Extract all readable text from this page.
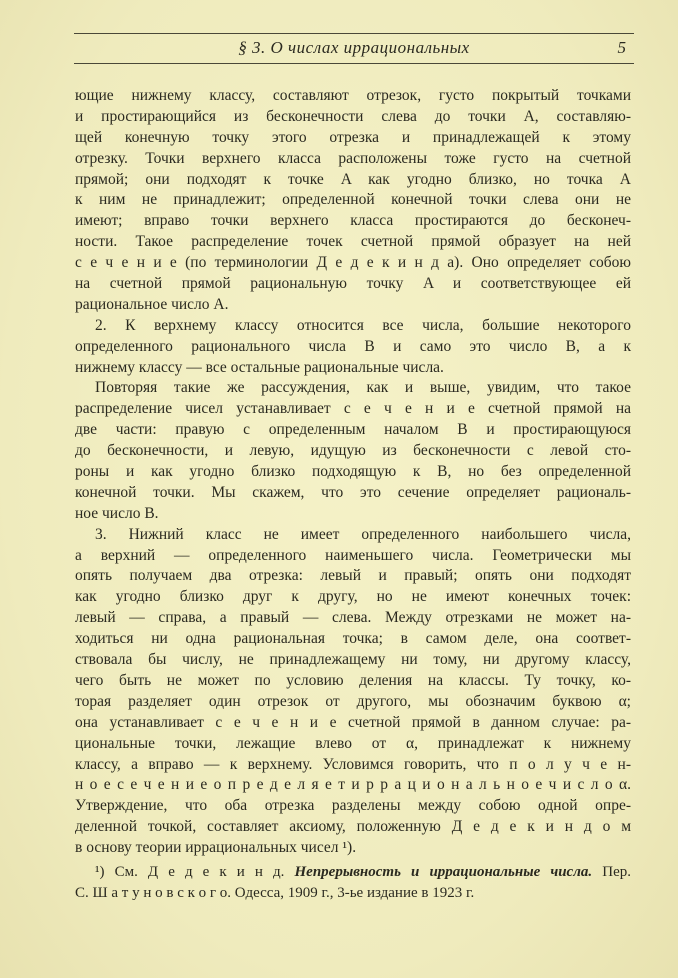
§ 3. О числах иррациональных	5
ющие нижнему классу, составляют отрезок, густо покрытый точками
и простирающийся из бесконечности слева до точки A, составляю-
щей конечную точку этого отрезка и принадлежащей к этому
отрезку. Точки верхнего класса расположены тоже густо на счетной
прямой; они подходят к точке A как угодно близко, но точка A
к ним не принадлежит; определенной конечной точки слева они не
имеют; вправо точки верхнего класса простираются до бесконеч-
ности. Такое распределение точек счетной прямой образует на ней
с е ч е н и е (по терминологии Д е д е к и н д а). Оно определяет собою
на счетной прямой рациональную точку A и соответствующее ей
рациональное число A.
2. К верхнему классу относится все числа, большие некоторого
определенного рационального числа B и само это число B, а к
нижнему классу — все остальные рациональные числа.
Повторяя такие же рассуждения, как и выше, увидим, что такое
распределение чисел устанавливает с е ч е н и е счетной прямой на
две части: правую с определенным началом B и простирающуюся
до бесконечности, и левую, идущую из бесконечности с левой сто-
роны и как угодно близко подходящую к B, но без определенной
конечной точки. Мы скажем, что это сечение определяет рациональ-
ное число B.
3. Нижний класс не имеет определенного наибольшего числа,
а верхний — определенного наименьшего числа. Геометрически мы
опять получаем два отрезка: левый и правый; опять они подходят
как угодно близко друг к другу, но не имеют конечных точек:
левый — справа, а правый — слева. Между отрезками не может на-
ходиться ни одна рациональная точка; в самом деле, она соответ-
ствовала бы числу, не принадлежащему ни тому, ни другому классу,
чего быть не может по условию деления на классы. Ту точку, ко-
торая разделяет один отрезок от другого, мы обозначим буквою α;
она устанавливает с е ч е н и е счетной прямой в данном случае: ра-
циональные точки, лежащие влево от α, принадлежат к нижнему
классу, а вправо — к верхнему. Условимся говорить, что п о л у ч е н-
н о е с е ч е н и е о п р е д е л я е т и р р а ц и о н а л ь н о е ч и с л о α.
Утверждение, что оба отрезка разделены между собою одной опре-
деленной точкой, составляет аксиому, положенную Д е д е к и н д о м
в основу теории иррациональных чисел ¹).
¹) См. Д е д е к и н д. Непрерывность и иррациональные числа. Пер.
С. Ш а т у н о в с к о г о. Одесса, 1909 г., 3-ье издание в 1923 г.
